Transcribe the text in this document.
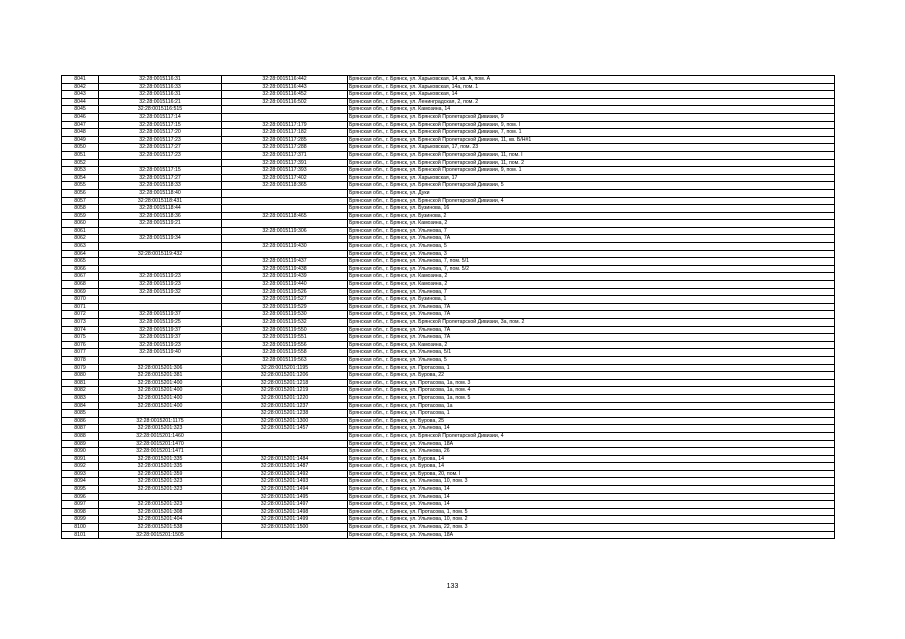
8041	32:28:0015116:31	32:28:0015116:442	Брянская обл., г. Брянск, ул. Харьковская, 14, кв. А, пом. А
8042	32:28:0015116:33	32:28:0015116:443	Брянская обл., г. Брянск, ул. Харьковская, 14а, пом. 1
8043	32:28:0015116:31	32:28:0015116:452	Брянская обл., г. Брянск, ул. Харьковская, 14
8044	32:28:0015116:21	32:28:0015116:502	Брянская обл., г. Брянск, ул. Ленинградская, 2, пом. 2
8045	32:28:0015116:515		Брянская обл., г. Брянск, ул. Камозина, 14
8046	32:28:0015117:14		Брянская обл., г. Брянск, ул. Брянской Пролетарской Дивизии, 9
8047	32:28:0015117:15	32:28:0015117:179	Брянская обл., г. Брянск, ул. Брянской Пролетарской Дивизии, 9, пом. I
8048	32:28:0015117:20	32:28:0015117:182	Брянская обл., г. Брянск, ул. Брянской Пролетарской Дивизии, 7, пом. 1
8049	32:28:0015117:23	32:28:0015117:285	Брянская обл., г. Брянск, ул. Брянской Пролетарской Дивизии, 11, кв. Б/Н#1
8050	32:28:0015117:27	32:28:0015117:288	Брянская обл., г. Брянск, ул. Харьковская, 17, пом. 23
8051	32:28:0015117:23	32:28:0015117:371	Брянская обл., г. Брянск, ул. Брянской Пролетарской Дивизии, 11, пом. I
8052		32:28:0015117:391	Брянская обл., г. Брянск, ул. Брянской Пролетарской Дивизии, 11, пом. 2
8053	32:28:0015117:15	32:28:0015117:393	Брянская обл., г. Брянск, ул. Брянской Пролетарской Дивизии, 9, пом. 1
8054	32:28:0015117:27	32:28:0015117:402	Брянская обл., г. Брянск, ул. Харьковская, 17
8055	32:28:0015118:33	32:28:0015118:365	Брянская обл., г. Брянск, ул. Брянской Пролетарской Дивизии, 5
8056	32:28:0015118:40		Брянская обл., г. Брянск, ул. Дуки
8057	32:28:0015118:431		Брянская обл., г. Брянск, ул. Брянской Пролетарской Дивизии, 4
8058	32:28:0015118:44		Брянская обл., г. Брянск, ул. Бузинова, 16
8059	32:28:0015118:36	32:28:0015118:465	Брянская обл., г. Брянск, ул. Бузинова, 2
8060	32:28:0015119:21		Брянская обл., г. Брянск, ул. Камозина, 2
8061		32:28:0015119:306	Брянская обл., г. Брянск, ул. Ульянова, 7
8062	32:28:0015119:34		Брянская обл., г. Брянск, ул. Ульянова, 7А
8063		32:28:0015119:430	Брянская обл., г. Брянск, ул. Ульянова, 5
8064	32:28:0015119:432		Брянская обл., г. Брянск, ул. Ульянова, 3
8065		32:28:0015119:437	Брянская обл., г. Брянск, ул. Ульянова, 7, пом. 5/1
8066		32:28:0015119:438	Брянская обл., г. Брянск, ул. Ульянова, 7, пом. 5/2
8067	32:28:0015119:23	32:28:0015119:439	Брянская обл., г. Брянск, ул. Камозина, 2
8068	32:28:0015119:23	32:28:0015119:440	Брянская обл., г. Брянск, ул. Камозина, 2
8069	32:28:0015119:32	32:28:0015119:526	Брянская обл., г. Брянск, ул. Ульянова, 7
8070		32:28:0015119:527	Брянская обл., г. Брянск, ул. Бузинова, 1
8071		32:28:0015119:529	Брянская обл., г. Брянск, ул. Ульянова, 7А
8072	32:28:0015119:37	32:28:0015119:530	Брянская обл., г. Брянск, ул. Ульянова, 7А
8073	32:28:0015119:25	32:28:0015119:532	Брянская обл., г. Брянск, ул. Брянской Пролетарской Дивизии, 3а, пом. 2
8074	32:28:0015119:37	32:28:0015119:550	Брянская обл., г. Брянск, ул. Ульянова, 7А
8075	32:28:0015119:37	32:28:0015119:551	Брянская обл., г. Брянск, ул. Ульянова, 7А
8076	32:28:0015119:23	32:28:0015119:556	Брянская обл., г. Брянск, ул. Камозина, 2
8077	32:28:0015119:40	32:28:0015119:558	Брянская обл., г. Брянск, ул. Ульянова, 5/1
8078		32:28:0015119:563	Брянская обл., г. Брянск, ул. Ульянова, 5
8079	32:28:0015201:306	32:28:0015201:1195	Брянская обл., г. Брянск, ул. Протасова, 1
8080	32:28:0015201:381	32:28:0015201:1206	Брянская обл., г. Брянск, ул. Бурова, 22
8081	32:28:0015201:400	32:28:0015201:1218	Брянская обл., г. Брянск, ул. Протасова, 1а, пом. 3
8082	32:28:0015201:400	32:28:0015201:1219	Брянская обл., г. Брянск, ул. Протасова, 1а, пом. 4
8083	32:28:0015201:400	32:28:0015201:1220	Брянская обл., г. Брянск, ул. Протасова, 1а, пом. 5
8084	32:28:0015201:400	32:28:0015201:1237	Брянская обл., г. Брянск, ул. Протасова, 1а
8085		32:28:0015201:1238	Брянская обл., г. Брянск, ул. Протасова, 1
8086	32:28:0015201:1175	32:28:0015201:1300	Брянская обл., г. Брянск, ул. Бурова, 25
8087	32:28:0015201:323	32:28:0015201:1457	Брянская обл., г. Брянск, ул. Ульянова, 14
8088	32:28:0015201:1460		Брянская обл., г. Брянск, ул. Брянской Пролетарской Дивизии, 4
8089	32:28:0015201:1470		Брянская обл., г. Брянск, ул. Ульянова, 18А
8090	32:28:0015201:1471		Брянская обл., г. Брянск, ул. Ульянова, 26
8091	32:28:0015201:335	32:28:0015201:1484	Брянская обл., г. Брянск, ул. Бурова, 14
8092	32:28:0015201:335	32:28:0015201:1487	Брянская обл., г. Брянск, ул. Бурова, 14
8093	32:28:0015201:359	32:28:0015201:1492	Брянская обл., г. Брянск, ул. Бурова, 20, пом. I
8094	32:28:0015201:323	32:28:0015201:1493	Брянская обл., г. Брянск, ул. Ульянова, 10, пом. 3
8095	32:28:0015201:323	32:28:0015201:1494	Брянская обл., г. Брянск, ул. Ульянова, 14
8096		32:28:0015201:1495	Брянская обл., г. Брянск, ул. Ульянова, 14
8097	32:28:0015201:323	32:28:0015201:1497	Брянская обл., г. Брянск, ул. Ульянова, 14
8098	32:28:0015201:308	32:28:0015201:1498	Брянская обл., г. Брянск, ул. Протасова, 1, пом. 5
8099	32:28:0015201:404	32:28:0015201:1499	Брянская обл., г. Брянск, ул. Ульянова, 10, пом. 2
8100	32:28:0015201:538	32:28:0015201:1500	Брянская обл., г. Брянск, ул. Ульянова, 22, пом. 3
8101	32:28:0015201:1505		Брянская обл., г. Брянск, ул. Ульянова, 18А
133
